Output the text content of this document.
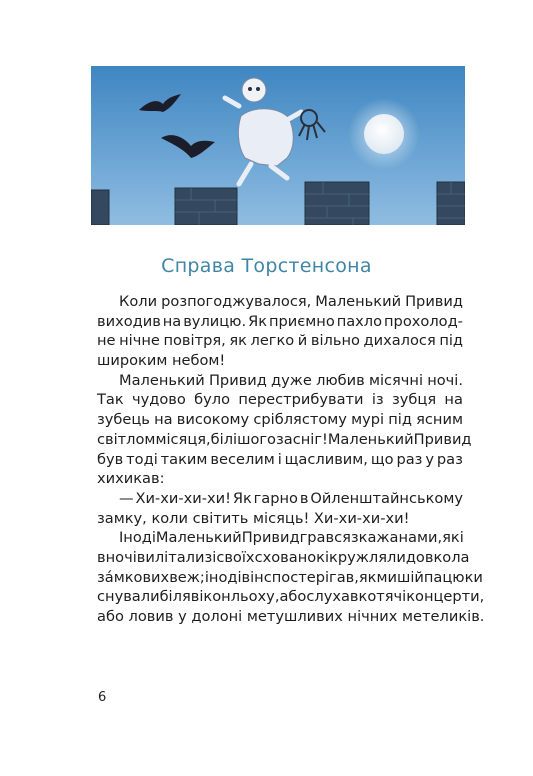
Справа Торстенсона
Коли розпогоджувалося, Маленький Привид
виходив на вулицю. Як приємно пахло прохолод-
не нічне повітря, як легко й вільно дихалося під
широким небом!
Маленький Привид дуже любив місячні ночі.
Так чудово було перестрибувати із зубця на
зубець на високому сріблястому мурі під ясним
світлом місяця, білішого за сніг! Маленький Привид
був тоді таким веселим і щасливим, що раз у раз
хихикав:
— Хи-хи-хи-хи! Як гарно в Ойленштайнському
замку, коли світить місяць! Хи-хи-хи-хи!
Іноді Маленький Привид грався з кажанами, які
вночі вилітали зі своїх схованок і кружляли довкола
за́мкових веж; іноді він спостерігав, як миші й пацюки
снували біля вікон льоху, або слухав котячі концерти,
або ловив у долоні метушливих нічних метеликів.
6
